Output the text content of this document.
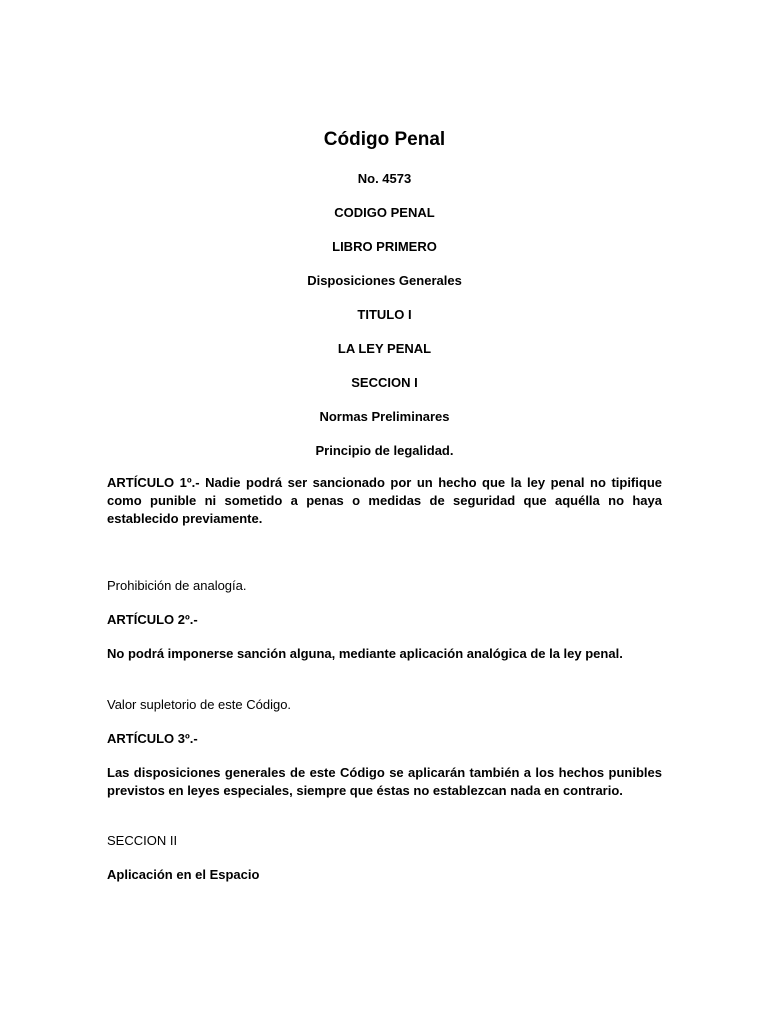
Código Penal

No. 4573

CODIGO PENAL

LIBRO PRIMERO

Disposiciones Generales

TITULO I

LA LEY PENAL

SECCION I

Normas Preliminares

Principio de legalidad.

ARTÍCULO 1º.- Nadie podrá ser sancionado por un hecho que la ley penal no tipifique como punible ni sometido a penas o medidas de seguridad que aquélla no haya establecido previamente.

Prohibición de analogía.

ARTÍCULO 2º.-

No podrá imponerse sanción alguna, mediante aplicación analógica de la ley penal.

Valor supletorio de este Código.

ARTÍCULO 3º.-

Las disposiciones generales de este Código se aplicarán también a los hechos punibles previstos en leyes especiales, siempre que éstas no establezcan nada en contrario.

SECCION II

Aplicación en el Espacio
